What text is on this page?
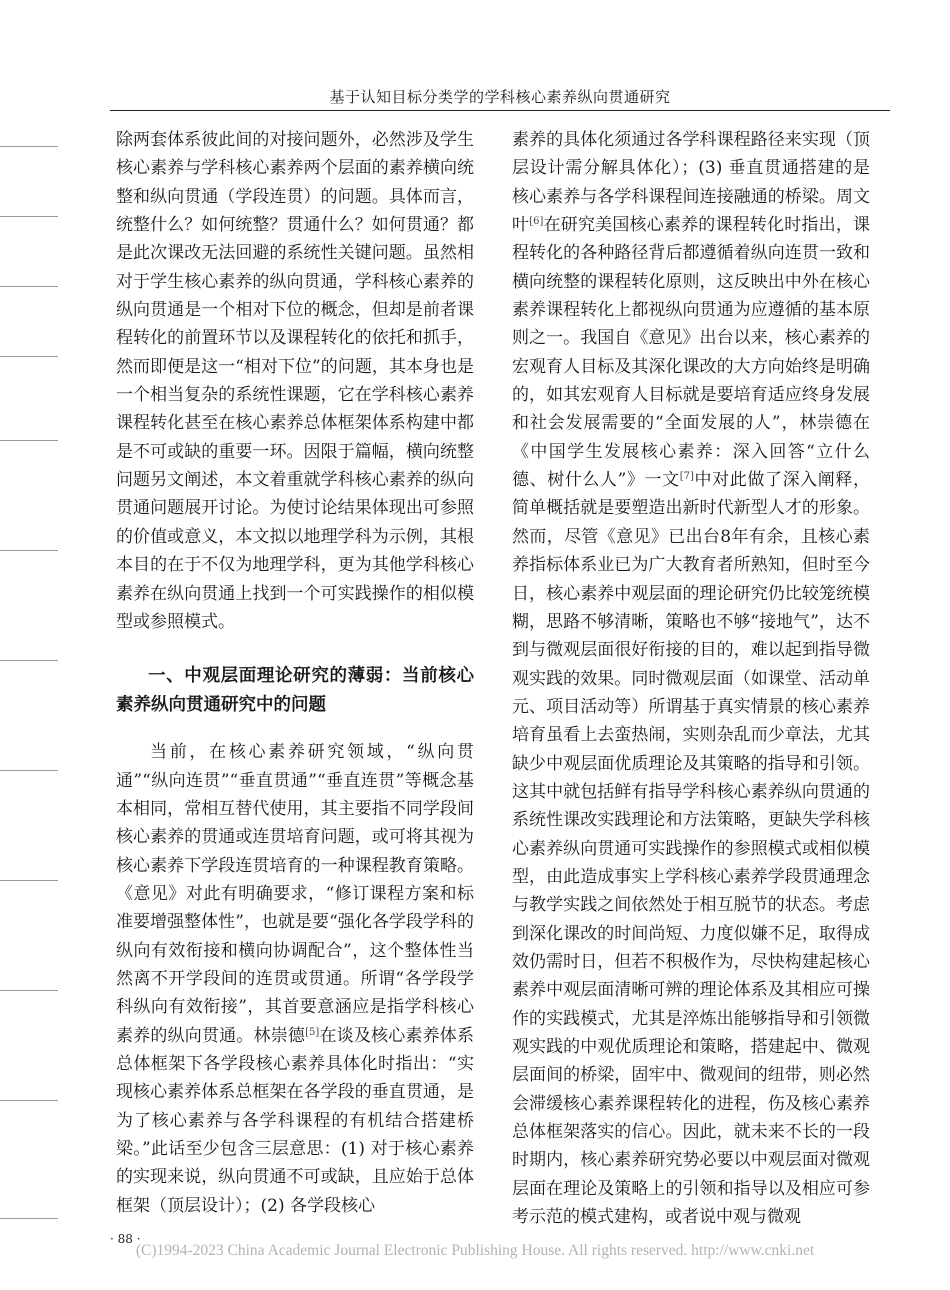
基于认知目标分类学的学科核心素养纵向贯通研究

除两套体系彼此间的对接问题外，必然涉及学生核心素养与学科核心素养两个层面的素养横向统整和纵向贯通（学段连贯）的问题。具体而言，统整什么？如何统整？贯通什么？如何贯通？都是此次课改无法回避的系统性关键问题。虽然相对于学生核心素养的纵向贯通，学科核心素养的纵向贯通是一个相对下位的概念，但却是前者课程转化的前置环节以及课程转化的依托和抓手，然而即便是这一“相对下位”的问题，其本身也是一个相当复杂的系统性课题，它在学科核心素养课程转化甚至在核心素养总体框架体系构建中都是不可或缺的重要一环。因限于篇幅，横向统整问题另文阐述，本文着重就学科核心素养的纵向贯通问题展开讨论。为使讨论结果体现出可参照的价值或意义，本文拟以地理学科为示例，其根本目的在于不仅为地理学科，更为其他学科核心素养在纵向贯通上找到一个可实践操作的相似模型或参照模式。

一、中观层面理论研究的薄弱：当前核心素养纵向贯通研究中的问题

当前，在核心素养研究领域，“纵向贯通”“纵向连贯”“垂直贯通”“垂直连贯”等概念基本相同，常相互替代使用，其主要指不同学段间核心素养的贯通或连贯培育问题，或可将其视为核心素养下学段连贯培育的一种课程教育策略。《意见》对此有明确要求，“修订课程方案和标准要增强整体性”，也就是要“强化各学段学科的纵向有效衔接和横向协调配合”，这个整体性当然离不开学段间的连贯或贯通。所谓“各学段学科纵向有效衔接”，其首要意涵应是指学科核心素养的纵向贯通。林崇德[5]在谈及核心素养体系总体框架下各学段核心素养具体化时指出：“实现核心素养体系总框架在各学段的垂直贯通，是为了核心素养与各学科课程的有机结合搭建桥梁。”此话至少包含三层意思：(1) 对于核心素养的实现来说，纵向贯通不可或缺，且应始于总体框架（顶层设计）；(2) 各学段核心

素养的具体化须通过各学科课程路径来实现（顶层设计需分解具体化）；(3) 垂直贯通搭建的是核心素养与各学科课程间连接融通的桥梁。周文叶[6]在研究美国核心素养的课程转化时指出，课程转化的各种路径背后都遵循着纵向连贯一致和横向统整的课程转化原则，这反映出中外在核心素养课程转化上都视纵向贯通为应遵循的基本原则之一。我国自《意见》出台以来，核心素养的宏观育人目标及其深化课改的大方向始终是明确的，如其宏观育人目标就是要培育适应终身发展和社会发展需要的“全面发展的人”，林崇德在《中国学生发展核心素养：深入回答“立什么德、树什么人”》一文[7]中对此做了深入阐释，简单概括就是要塑造出新时代新型人才的形象。然而，尽管《意见》已出台8年有余，且核心素养指标体系业已为广大教育者所熟知，但时至今日，核心素养中观层面的理论研究仍比较笼统模糊，思路不够清晰，策略也不够“接地气”，达不到与微观层面很好衔接的目的，难以起到指导微观实践的效果。同时微观层面（如课堂、活动单元、项目活动等）所谓基于真实情景的核心素养培育虽看上去蛮热闹，实则杂乱而少章法，尤其缺少中观层面优质理论及其策略的指导和引领。这其中就包括鲜有指导学科核心素养纵向贯通的系统性课改实践理论和方法策略，更缺失学科核心素养纵向贯通可实践操作的参照模式或相似模型，由此造成事实上学科核心素养学段贯通理念与教学实践之间依然处于相互脱节的状态。考虑到深化课改的时间尚短、力度似嫌不足，取得成效仍需时日，但若不积极作为，尽快构建起核心素养中观层面清晰可辨的理论体系及其相应可操作的实践模式，尤其是淬炼出能够指导和引领微观实践的中观优质理论和策略，搭建起中、微观层面间的桥梁，固牢中、微观间的纽带，则必然会滞缓核心素养课程转化的进程，伤及核心素养总体框架落实的信心。因此，就未来不长的一段时期内，核心素养研究势必要以中观层面对微观层面在理论及策略上的引领和指导以及相应可参考示范的模式建构，或者说中观与微观

· 88 ·
(C)1994-2023 China Academic Journal Electronic Publishing House. All rights reserved. http://www.cnki.net
